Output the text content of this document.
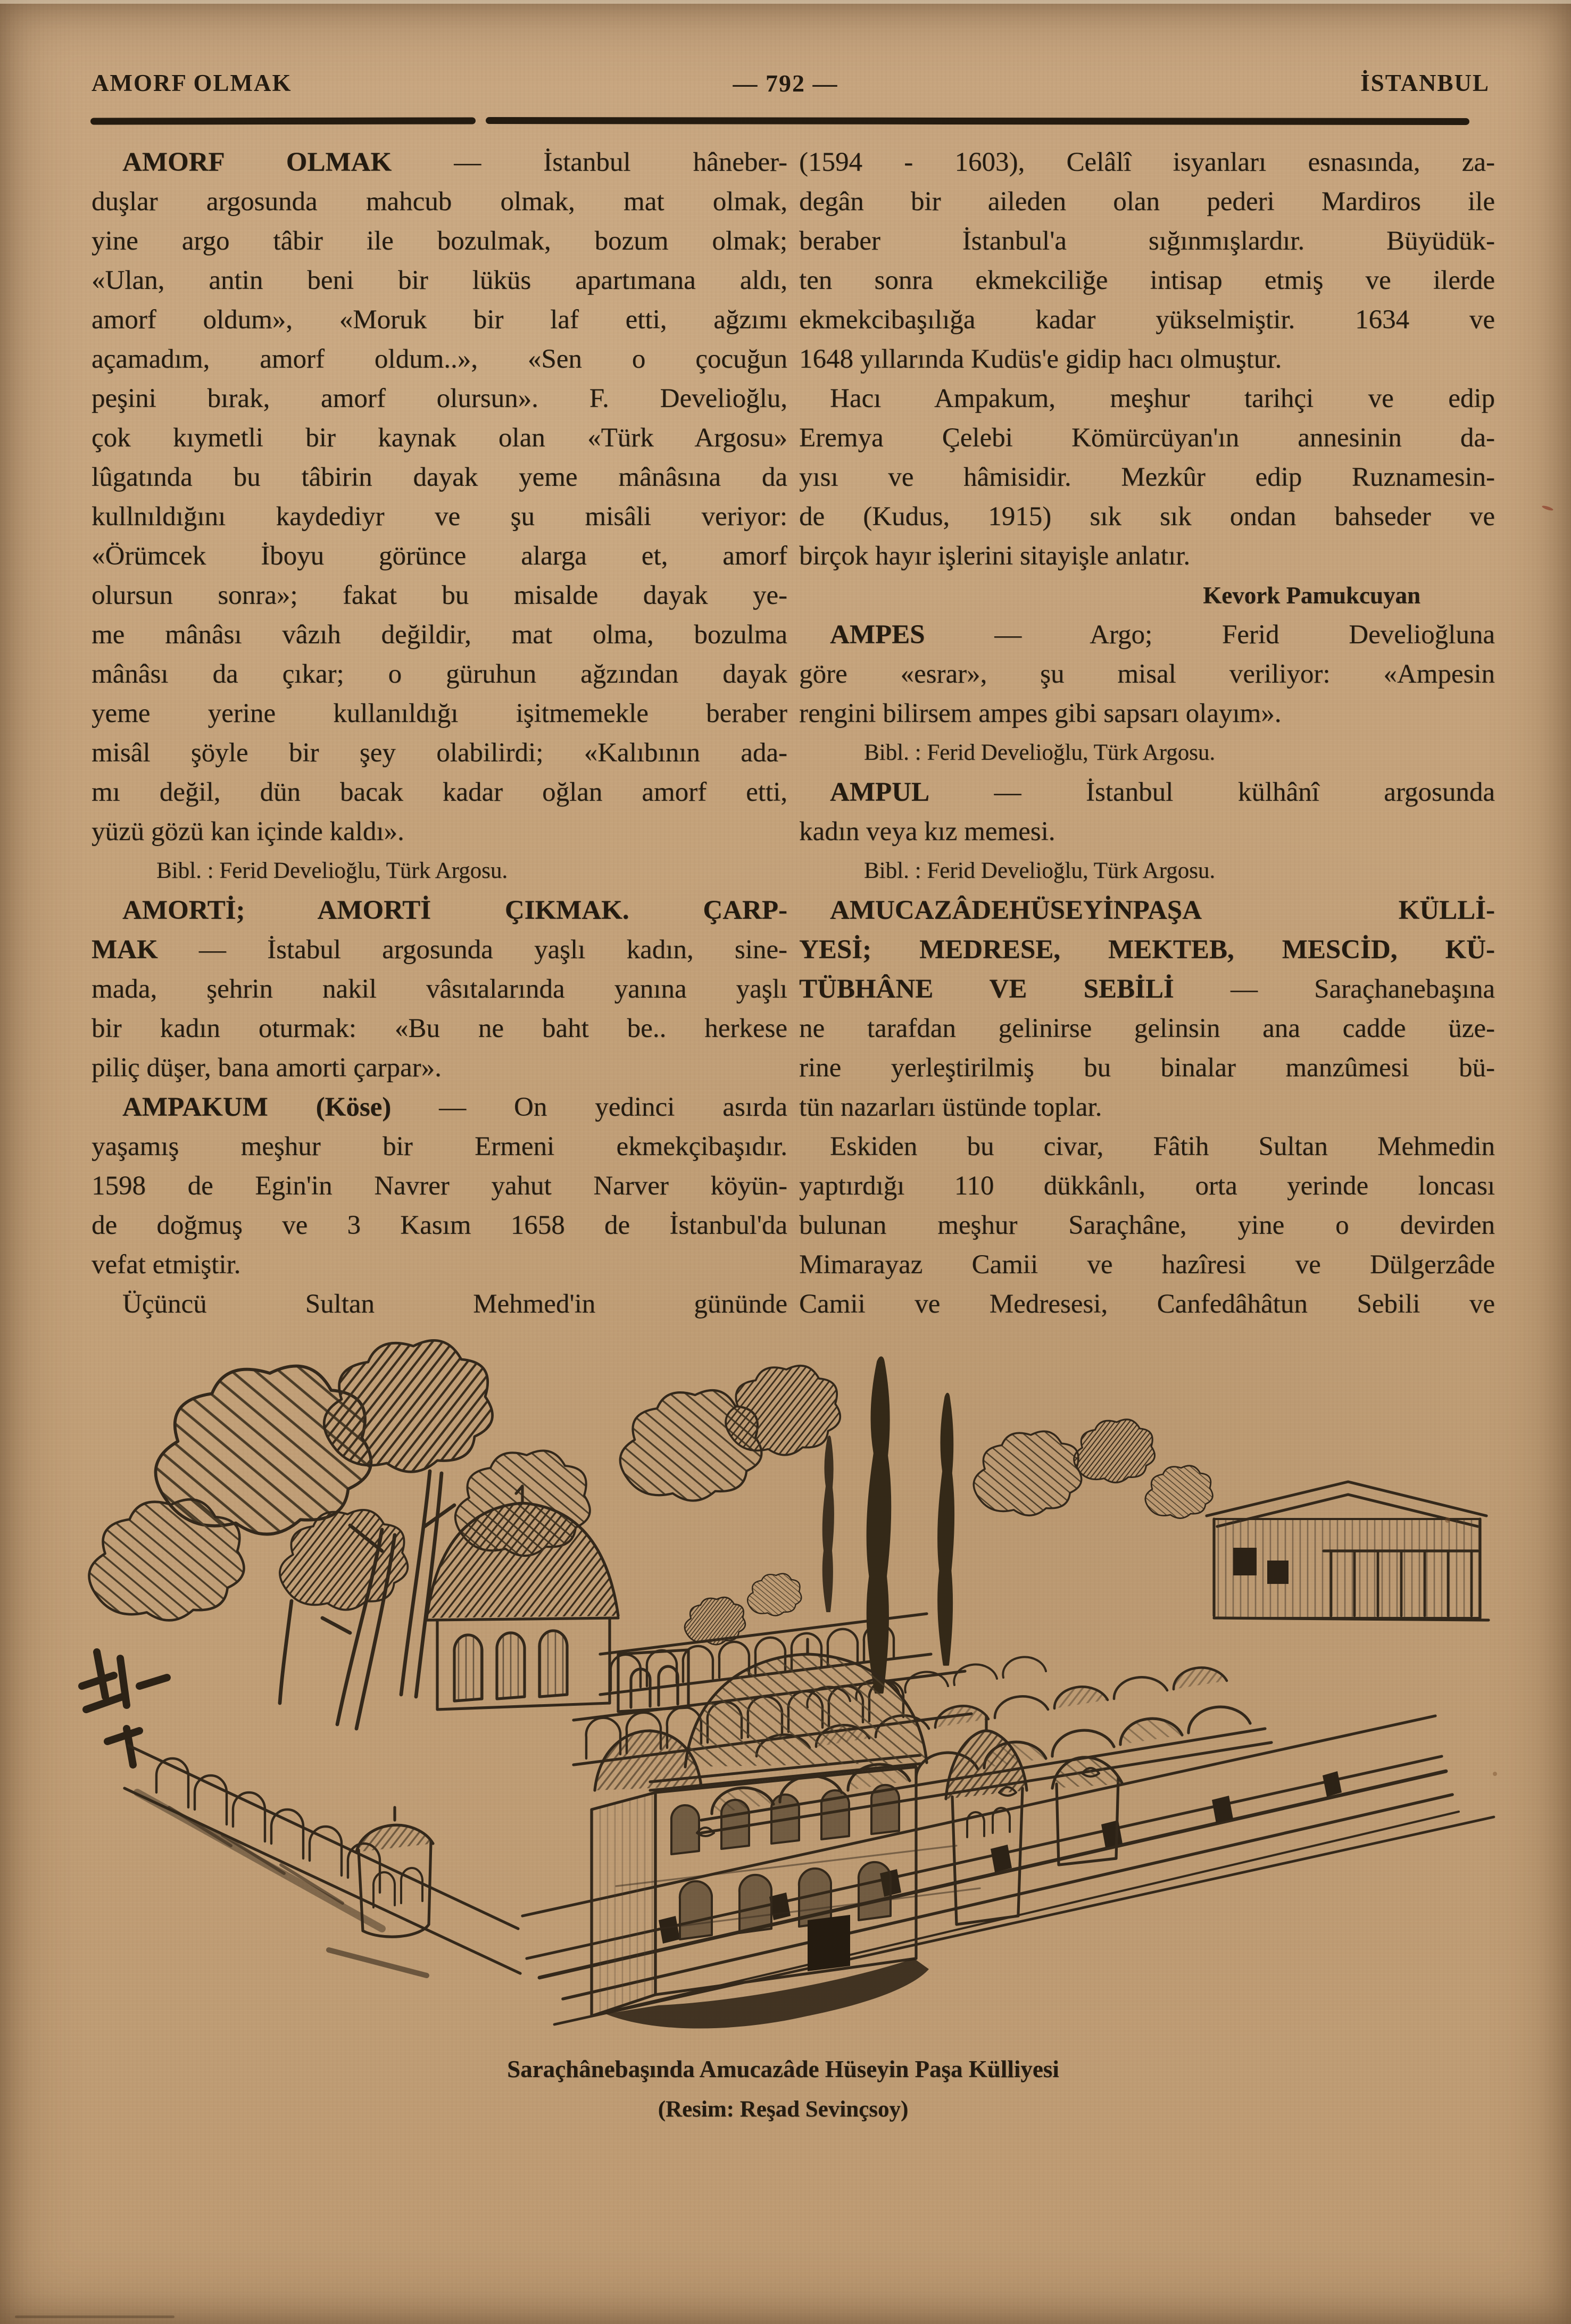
AMORF OLMAK	— 792 —	İSTANBUL
AMORF OLMAK — İstanbul hâneber-
duşlar argosunda mahcub olmak, mat olmak,
yine argo tâbir ile bozulmak, bozum olmak;
«Ulan, antin beni bir lüküs apartımana aldı,
amorf oldum», «Moruk bir laf etti, ağzımı
açamadım, amorf oldum..», «Sen o çocuğun
peşini bırak, amorf olursun». F. Develioğlu,
çok kıymetli bir kaynak olan «Türk Argosu»
lûgatında bu tâbirin dayak yeme mânâsına da
kullnıldığını kaydediyr ve şu misâli veriyor:
«Örümcek İboyu görünce alarga et, amorf
olursun sonra»; fakat bu misalde dayak ye-
me mânâsı vâzıh değildir, mat olma, bozulma
mânâsı da çıkar; o güruhun ağzından dayak
yeme yerine kullanıldığı işitmemekle beraber
misâl şöyle bir şey olabilirdi; «Kalıbının ada-
mı değil, dün bacak kadar oğlan amorf etti,
yüzü gözü kan içinde kaldı».
Bibl. : Ferid Develioğlu, Türk Argosu.
AMORTİ; AMORTİ ÇIKMAK. ÇARP-
MAK — İstabul argosunda yaşlı kadın, sine-
mada, şehrin nakil vâsıtalarında yanına yaşlı
bir kadın oturmak: «Bu ne baht be.. herkese
piliç düşer, bana amorti çarpar».
AMPAKUM (Köse) — On yedinci asırda
yaşamış meşhur bir Ermeni ekmekçibaşıdır.
1598 de Egin'in Navrer yahut Narver köyün-
de doğmuş ve 3 Kasım 1658 de İstanbul'da
vefat etmiştir.
Üçüncü Sultan Mehmed'in gününde
(1594 - 1603), Celâlî isyanları esnasında, za-
degân bir aileden olan pederi Mardiros ile
beraber İstanbul'a sığınmışlardır. Büyüdük-
ten sonra ekmekciliğe intisap etmiş ve ilerde
ekmekcibaşılığa kadar yükselmiştir. 1634 ve
1648 yıllarında Kudüs'e gidip hacı olmuştur.
Hacı Ampakum, meşhur tarihçi ve edip
Eremya Çelebi Kömürcüyan'ın annesinin da-
yısı ve hâmisidir. Mezkûr edip Ruznamesin-
de (Kudus, 1915) sık sık ondan bahseder ve
birçok hayır işlerini sitayişle anlatır.
Kevork Pamukcuyan
AMPES — Argo; Ferid Develioğluna
göre «esrar», şu misal veriliyor: «Ampesin
rengini bilirsem ampes gibi sapsarı olayım».
Bibl. : Ferid Develioğlu, Türk Argosu.
AMPUL — İstanbul külhânî argosunda
kadın veya kız memesi.
Bibl. : Ferid Develioğlu, Türk Argosu.
AMUCAZÂDEHÜSEYİNPAŞA KÜLLİ-
YESİ; MEDRESE, MEKTEB, MESCİD, KÜ-
TÜBHÂNE VE SEBİLİ — Saraçhanebaşına
ne tarafdan gelinirse gelinsin ana cadde üze-
rine yerleştirilmiş bu binalar manzûmesi bü-
tün nazarları üstünde toplar.
Eskiden bu civar, Fâtih Sultan Mehmedin
yaptırdığı 110 dükkânlı, orta yerinde loncası
bulunan meşhur Saraçhâne, yine o devirden
Mimarayaz Camii ve hazîresi ve Dülgerzâde
Camii ve Medresesi, Canfedâhâtun Sebili ve
Saraçhânebaşında Amucazâde Hüseyin Paşa Külliyesi
(Resim: Reşad Sevinçsoy)
